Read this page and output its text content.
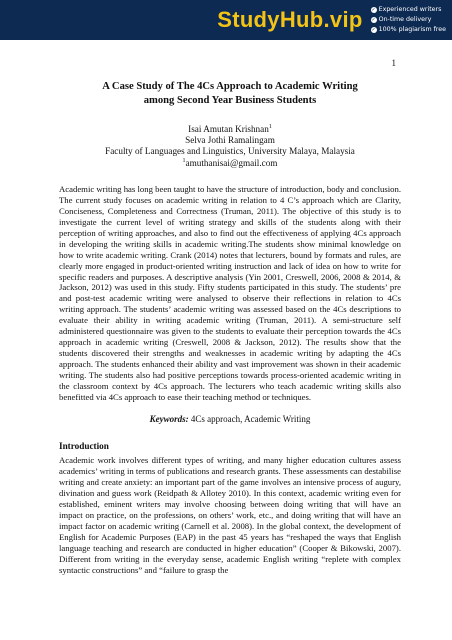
StudyHub.vip ✓ Experienced writers
✓ On-time delivery
✓ 100% plagiarism free
1

A Case Study of The 4Cs Approach to Academic Writing
among Second Year Business Students

Isai Amutan Krishnan$^1$
Selva Jothi Ramalingam
Faculty of Languages and Linguistics, University Malaya, Malaysia
$^1$amuthanisai@gmail.com

Academic writing has long been taught to have the structure of introduction, body and conclusion. The current study focuses on academic writing in relation to 4 C’s approach which are Clarity, Conciseness, Completeness and Correctness (Truman, 2011). The objective of this study is to investigate the current level of writing strategy and skills of the students along with their perception of writing approaches, and also to find out the effectiveness of applying 4Cs approach in developing the writing skills in academic writing.The students show minimal knowledge on how to write academic writing. Crank (2014) notes that lecturers, bound by formats and rules, are clearly more engaged in product-oriented writing instruction and lack of idea on how to write for specific readers and purposes. A descriptive analysis (Yin 2001, Creswell, 2006, 2008 & 2014, & Jackson, 2012) was used in this study. Fifty students participated in this study. The students’ pre and post-test academic writing were analysed to observe their reflections in relation to 4Cs writing approach. The students’ academic writing was assessed based on the 4Cs descriptions to evaluate their ability in writing academic writing (Truman, 2011). A semi-structure self administered questionnaire was given to the students to evaluate their perception towards the 4Cs approach in academic writing (Creswell, 2008 & Jackson, 2012). The results show that the students discovered their strengths and weaknesses in academic writing by adapting the 4Cs approach. The students enhanced their ability and vast improvement was shown in their academic writing. The students also had positive perceptions towards process-oriented academic writing in the classroom context by 4Cs approach. The lecturers who teach academic writing skills also benefitted via 4Cs approach to ease their teaching method or techniques.

Keywords: 4Cs approach, Academic Writing
Introduction

Academic work involves different types of writing, and many higher education cultures assess academics’ writing in terms of publications and research grants. These assessments can destabilise writing and create anxiety: an important part of the game involves an intensive process of augury, divination and guess work (Reidpath & Allotey 2010). In this context, academic writing even for established, eminent writers may involve choosing between doing writing that will have an impact on practice, on the professions, on others’ work, etc., and doing writing that will have an impact factor on academic writing (Carnell et al. 2008). In the global context, the development of English for Academic Purposes (EAP) in the past 45 years has “reshaped the ways that English language teaching and research are conducted in higher education” (Cooper & Bikowski, 2007). Different from writing in the everyday sense, academic English writing “replete with complex syntactic constructions” and “failure to grasp the
